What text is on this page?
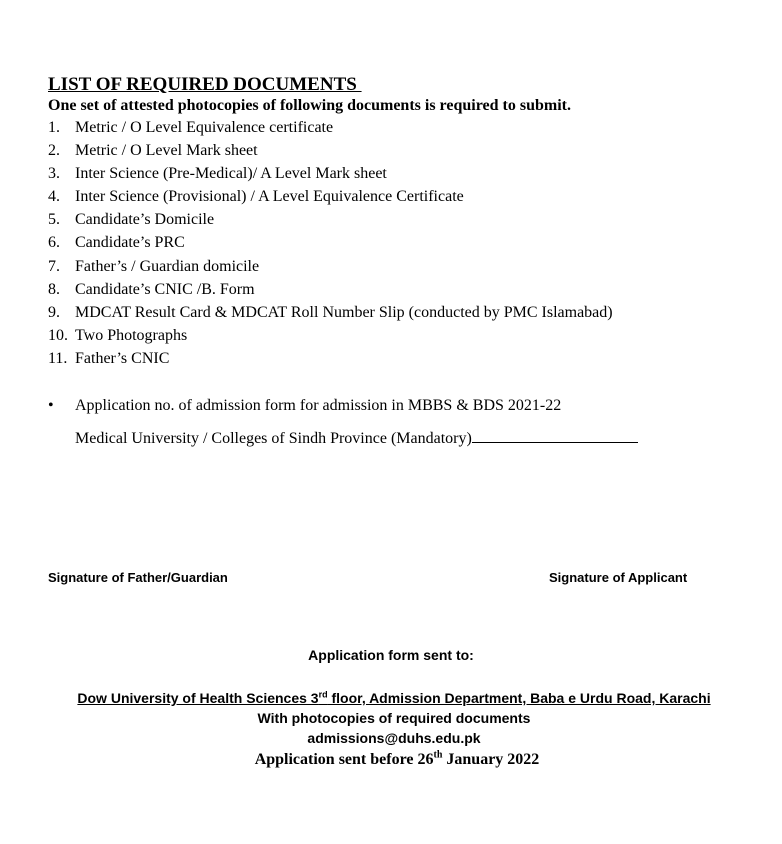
LIST OF REQUIRED DOCUMENTS
One set of attested photocopies of following documents is required to submit.
1. Metric / O Level Equivalence certificate
2. Metric / O Level Mark sheet
3. Inter Science (Pre-Medical)/ A Level Mark sheet
4. Inter Science (Provisional) / A Level Equivalence Certificate
5. Candidate’s Domicile
6. Candidate’s PRC
7. Father’s / Guardian domicile
8. Candidate’s CNIC /B. Form
9. MDCAT Result Card & MDCAT Roll Number Slip (conducted by PMC Islamabad)
10. Two Photographs
11. Father’s CNIC
•	Application no. of admission form for admission in MBBS & BDS 2021-22
Medical University / Colleges of Sindh Province (Mandatory)
Signature of Father/Guardian	Signature of Applicant
Application form sent to:
Dow University of Health Sciences 3rd floor, Admission Department, Baba e Urdu Road, Karachi
With photocopies of required documents
admissions@duhs.edu.pk
Application sent before 26th January 2022
